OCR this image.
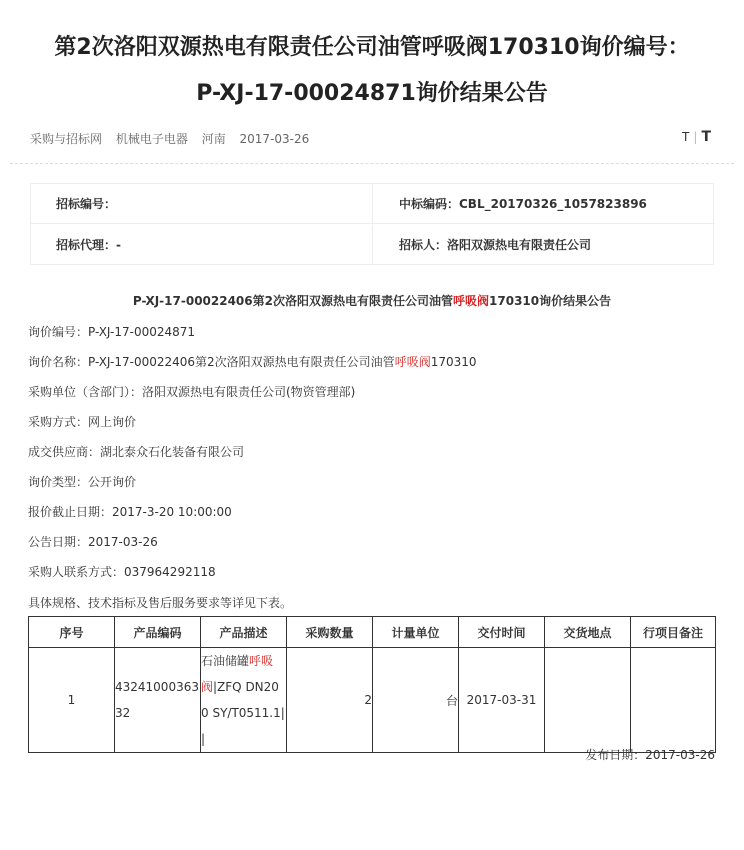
第2次洛阳双源热电有限责任公司油管呼吸阀170310询价编号：
P-XJ-17-00024871询价结果公告
采购与招标网 机械电子电器 河南 2017-03-26	T | T
招标编号：	中标编码：CBL_20170326_1057823896
招标代理：-	招标人：洛阳双源热电有限责任公司
P-XJ-17-00022406第2次洛阳双源热电有限责任公司油管呼吸阀170310询价结果公告
询价编号：P-XJ-17-00024871
询价名称：P-XJ-17-00022406第2次洛阳双源热电有限责任公司油管呼吸阀170310
采购单位（含部门）：洛阳双源热电有限责任公司(物资管理部)
采购方式：网上询价
成交供应商：湖北泰众石化装备有限公司
询价类型：公开询价
报价截止日期：2017-3-20 10:00:00
公告日期：2017-03-26
采购人联系方式：037964292118
具体规格、技术指标及售后服务要求等详见下表。
序号	产品编码	产品描述	采购数量	计量单位	交付时间	交货地点	行项目备注
1	4324100036332	石油储罐呼吸阀|ZFQ DN200 SY/T0511.1||	2	台	2017-03-31		
发布日期：2017-03-26
